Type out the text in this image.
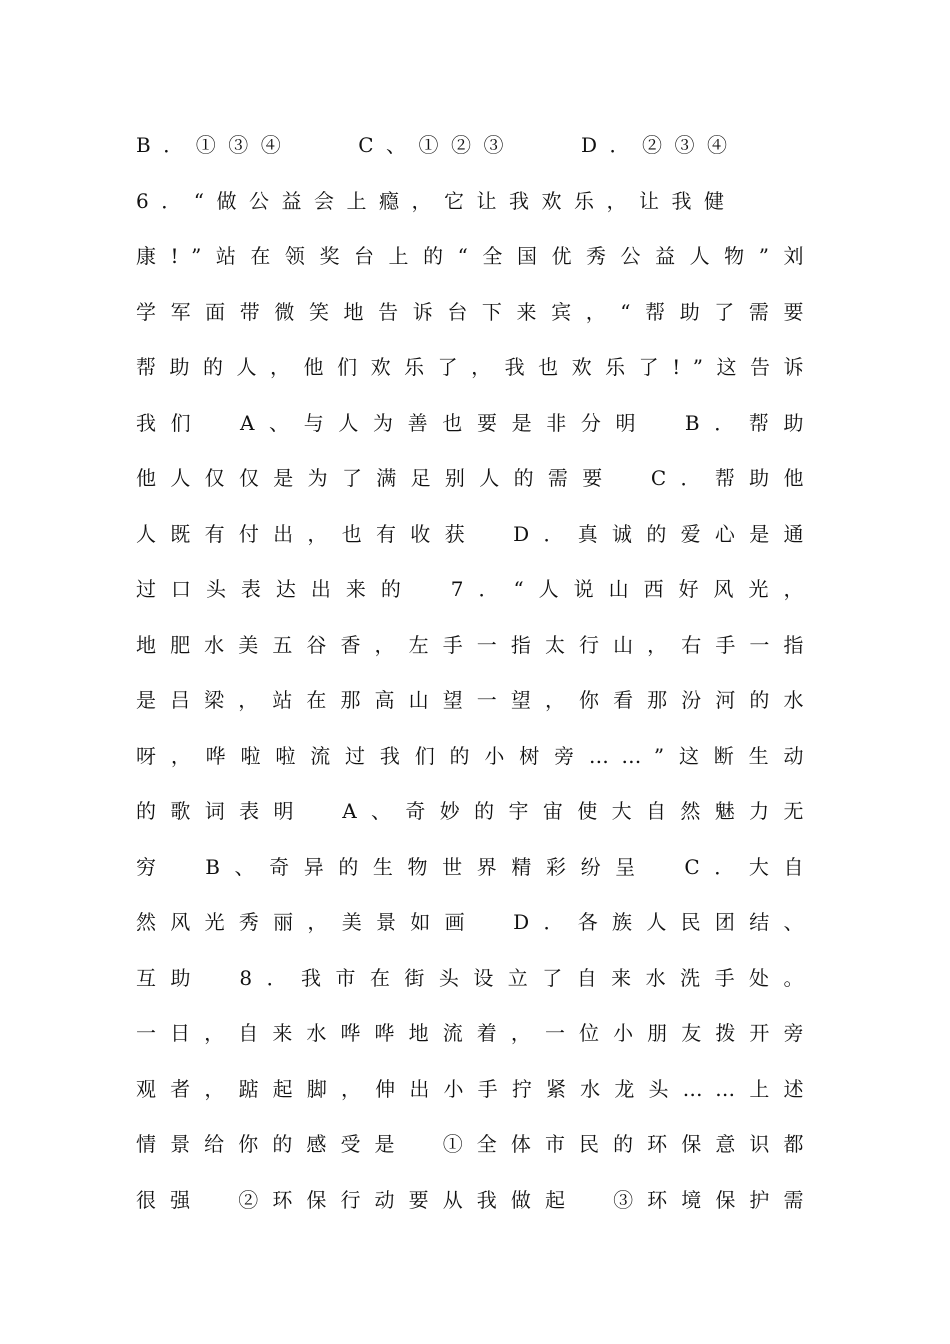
B．①③④　　C、①②③　　D．②③④
6．“做公益会上瘾，它让我欢乐，让我健
康!”站在领奖台上的“全国优秀公益人物”刘
学军面带微笑地告诉台下来宾，“帮助了需要
帮助的人，他们欢乐了，我也欢乐了!”这告诉
我们　A、与人为善也要是非分明　B．帮助
他人仅仅是为了满足别人的需要　C．帮助他
人既有付出，也有收获　D．真诚的爱心是通
过口头表达出来的　7．“人说山西好风光，
地肥水美五谷香，左手一指太行山，右手一指
是吕梁，站在那高山望一望，你看那汾河的水
呀，哗啦啦流过我们的小树旁……”这断生动
的歌词表明　A、奇妙的宇宙使大自然魅力无
穷　B、奇异的生物世界精彩纷呈　C．大自
然风光秀丽，美景如画　D．各族人民团结、
互助　8．我市在街头设立了自来水洗手处。
一日，自来水哗哗地流着，一位小朋友拨开旁
观者，踮起脚，伸出小手拧紧水龙头……上述
情景给你的感受是　①全体市民的环保意识都
很强　②环保行动要从我做起　③环境保护需
